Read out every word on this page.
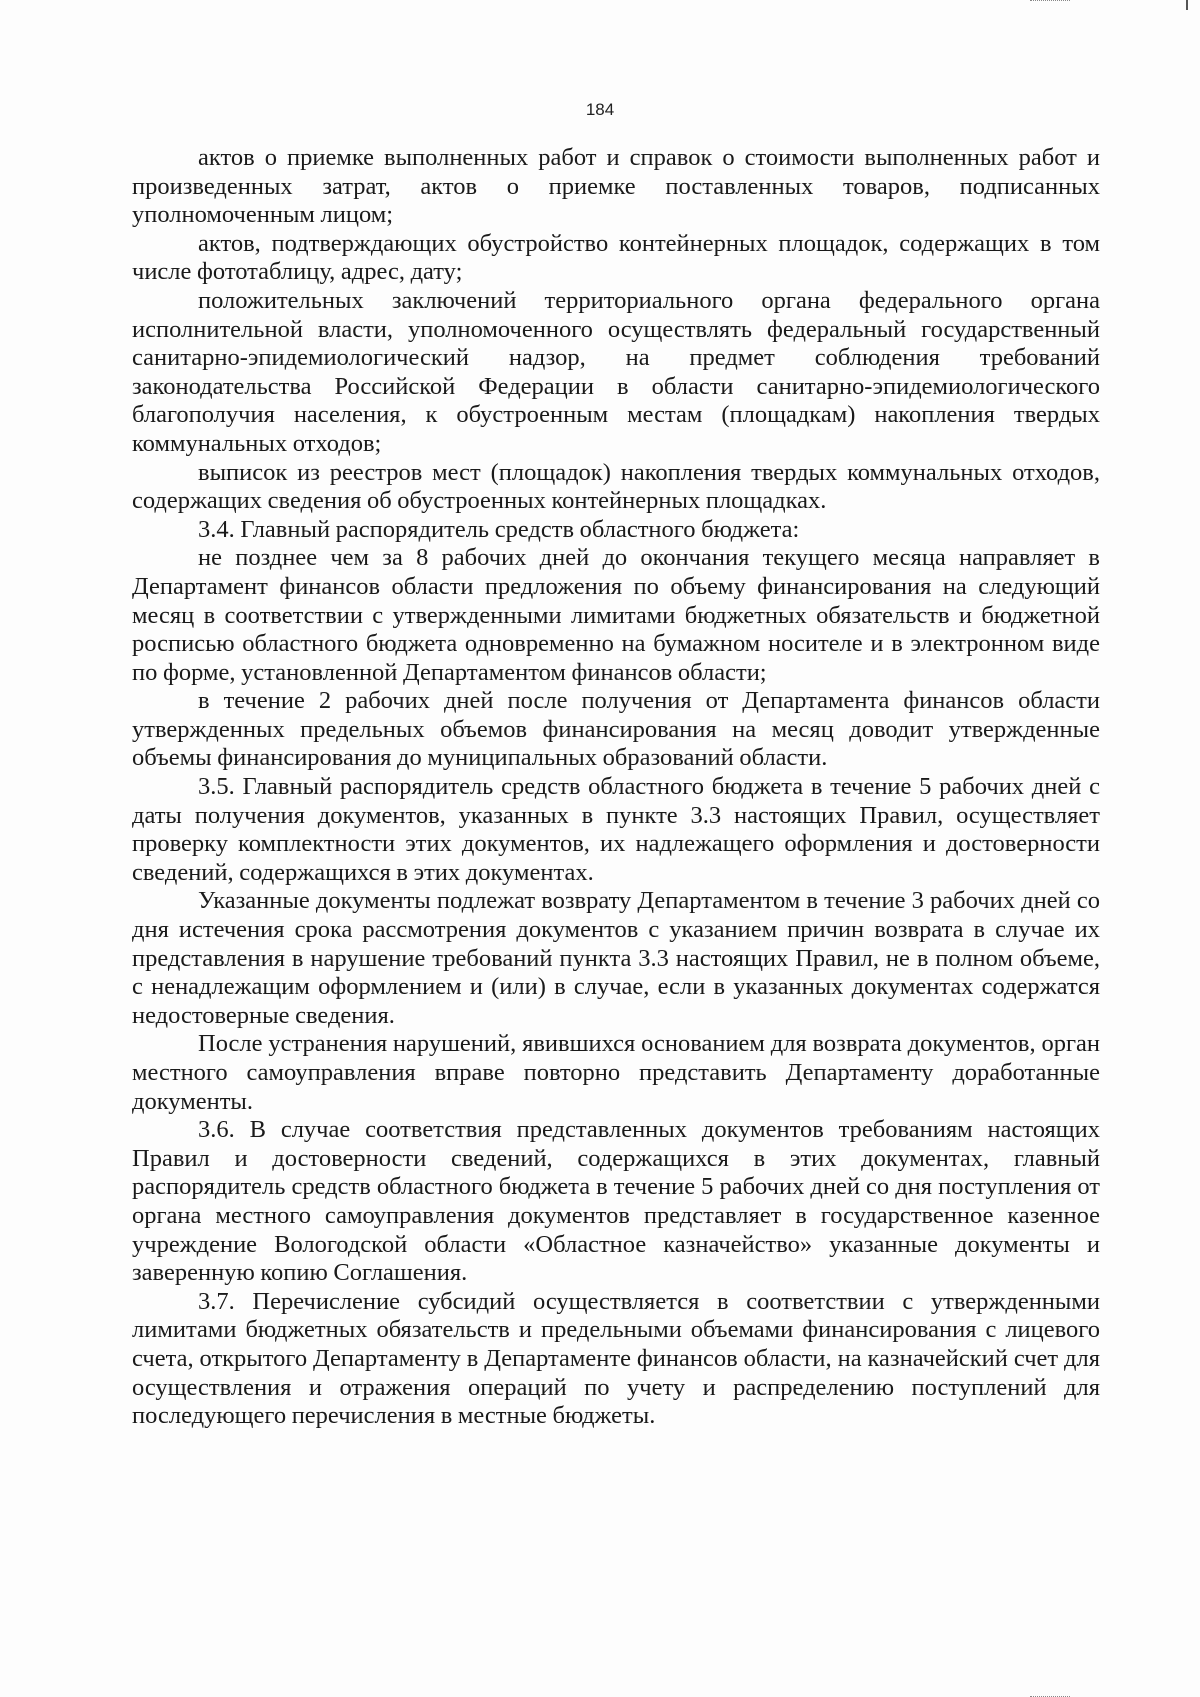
184

актов о приемке выполненных работ и справок о стоимости выполненных работ и произведенных затрат, актов о приемке поставленных товаров, подписанных уполномоченным лицом;

актов, подтверждающих обустройство контейнерных площадок, содержащих в том числе фототаблицу, адрес, дату;

положительных заключений территориального органа федерального органа исполнительной власти, уполномоченного осуществлять федеральный государственный санитарно-эпидемиологический надзор, на предмет соблюдения требований законодательства Российской Федерации в области санитарно-эпидемиологического благополучия населения, к обустроенным местам (площадкам) накопления твердых коммунальных отходов;

выписок из реестров мест (площадок) накопления твердых коммунальных отходов, содержащих сведения об обустроенных контейнерных площадках.

3.4. Главный распорядитель средств областного бюджета:

не позднее чем за 8 рабочих дней до окончания текущего месяца направляет в Департамент финансов области предложения по объему финансирования на следующий месяц в соответствии с утвержденными лимитами бюджетных обязательств и бюджетной росписью областного бюджета одновременно на бумажном носителе и в электронном виде по форме, установленной Департаментом финансов области;

в течение 2 рабочих дней после получения от Департамента финансов области утвержденных предельных объемов финансирования на месяц доводит утвержденные объемы финансирования до муниципальных образований области.

3.5. Главный распорядитель средств областного бюджета в течение 5 рабочих дней с даты получения документов, указанных в пункте 3.3 настоящих Правил, осуществляет проверку комплектности этих документов, их надлежащего оформления и достоверности сведений, содержащихся в этих документах.

Указанные документы подлежат возврату Департаментом в течение 3 рабочих дней со дня истечения срока рассмотрения документов с указанием причин возврата в случае их представления в нарушение требований пункта 3.3 настоящих Правил, не в полном объеме, с ненадлежащим оформлением и (или) в случае, если в указанных документах содержатся недостоверные сведения.

После устранения нарушений, явившихся основанием для возврата документов, орган местного самоуправления вправе повторно представить Департаменту доработанные документы.

3.6. В случае соответствия представленных документов требованиям настоящих Правил и достоверности сведений, содержащихся в этих документах, главный распорядитель средств областного бюджета в течение 5 рабочих дней со дня поступления от органа местного самоуправления документов представляет в государственное казенное учреждение Вологодской области «Областное казначейство» указанные документы и заверенную копию Соглашения.

3.7. Перечисление субсидий осуществляется в соответствии с утвержденными лимитами бюджетных обязательств и предельными объемами финансирования с лицевого счета, открытого Департаменту в Департаменте финансов области, на казначейский счет для осуществления и отражения операций по учету и распределению поступлений для последующего перечисления в местные бюджеты.
